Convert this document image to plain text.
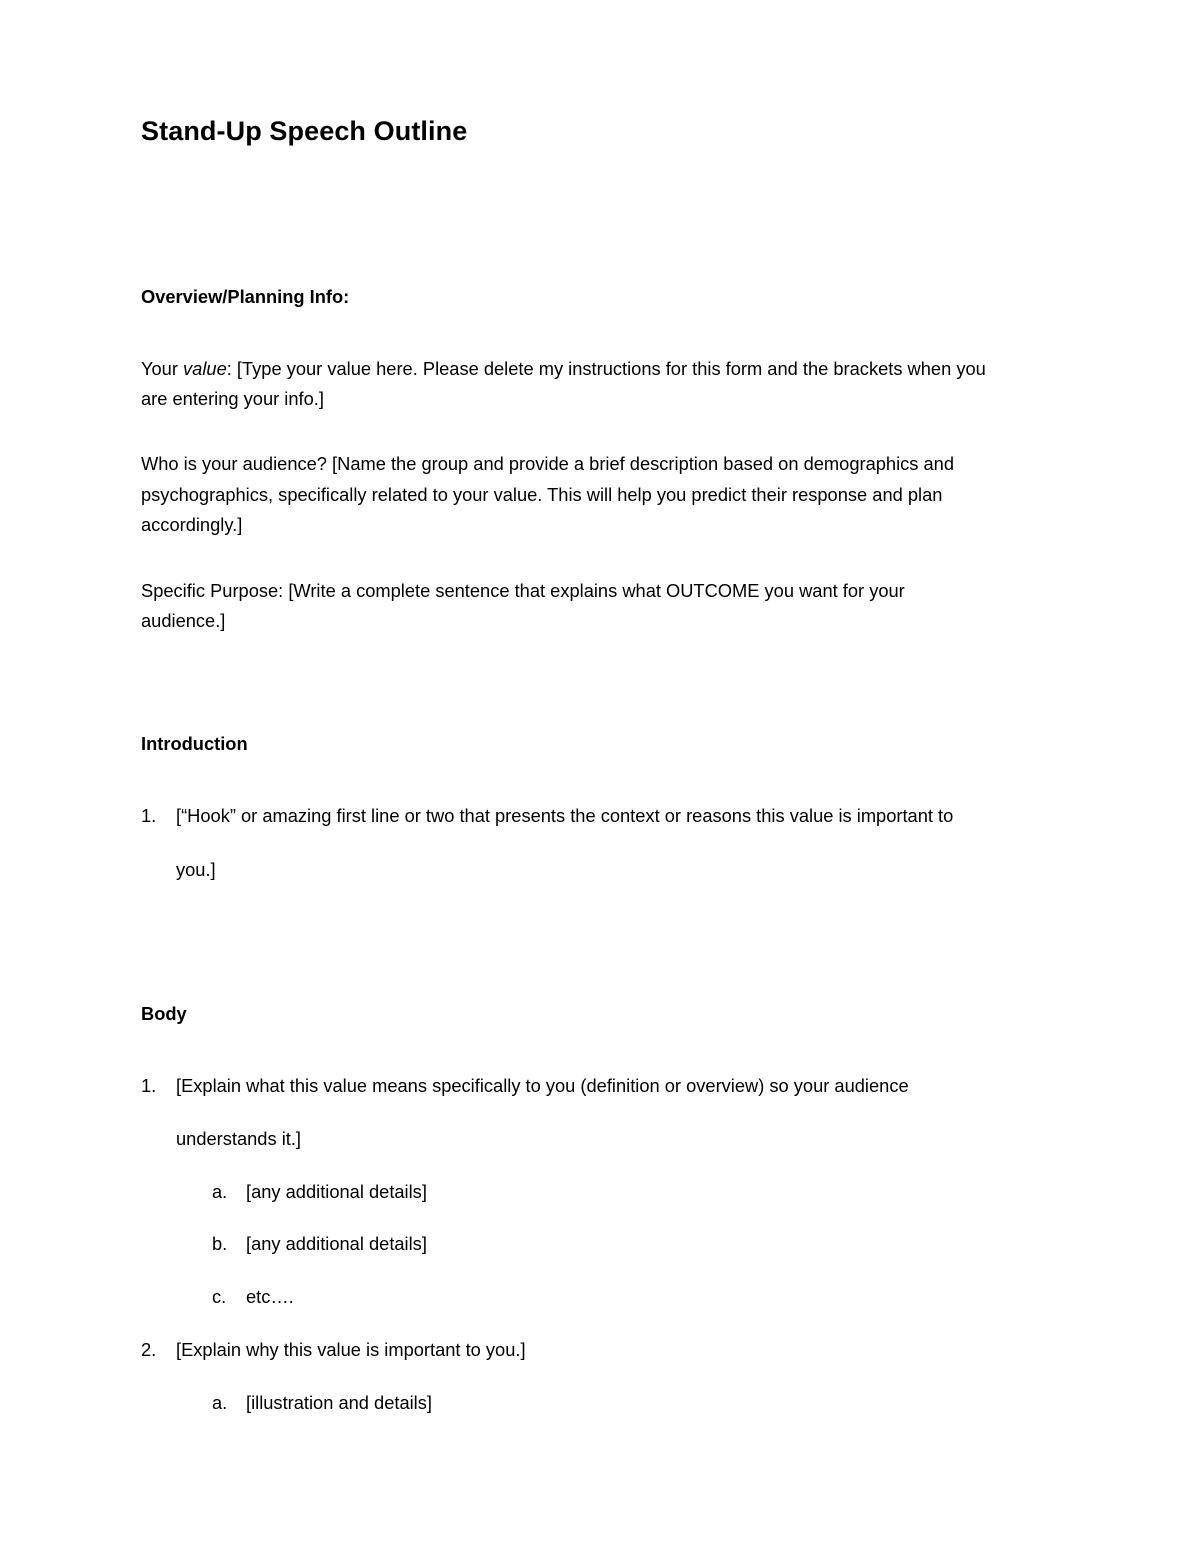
Stand-Up Speech Outline
Overview/Planning Info:
Your value: [Type your value here. Please delete my instructions for this form and the brackets when you
are entering your info.]
Who is your audience? [Name the group and provide a brief description based on demographics and
psychographics, specifically related to your value. This will help you predict their response and plan
accordingly.]
Specific Purpose: [Write a complete sentence that explains what OUTCOME you want for your
audience.]
Introduction
1. [“Hook” or amazing first line or two that presents the context or reasons this value is important to
you.]
Body
1. [Explain what this value means specifically to you (definition or overview) so your audience
understands it.]
a. [any additional details]
b. [any additional details]
c. etc….
2. [Explain why this value is important to you.]
a. [illustration and details]
